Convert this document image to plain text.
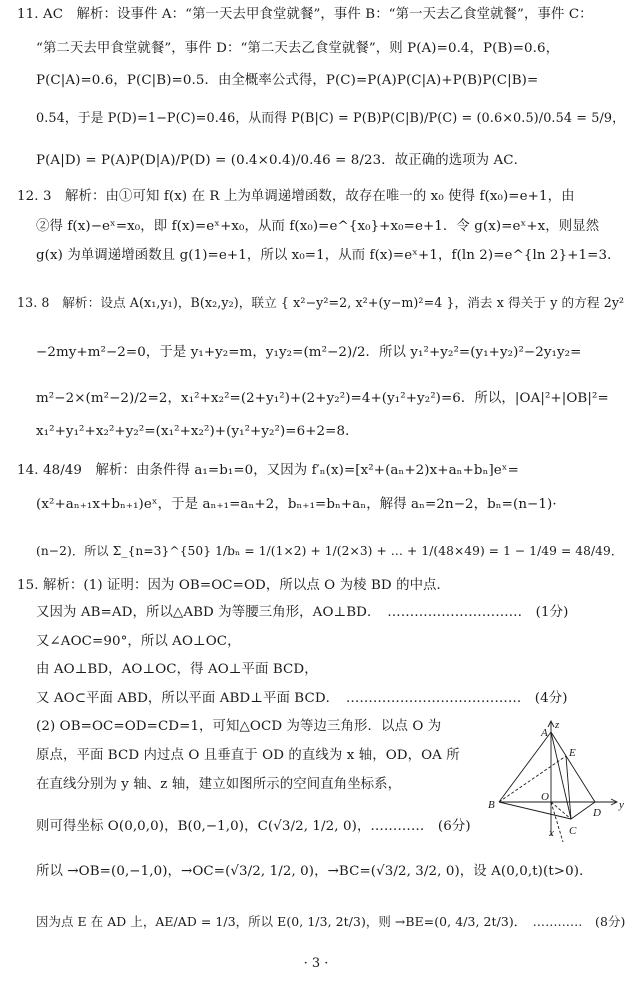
11. AC　解析：设事件 A：“第一天去甲食堂就餐”，事件 B：“第一天去乙食堂就餐”，事件 C：
“第二天去甲食堂就餐”，事件 D：“第二天去乙食堂就餐”，则 P(A)=0.4，P(B)=0.6，
P(C|A)=0.6，P(C|B)=0.5．由全概率公式得，P(C)=P(A)P(C|A)+P(B)P(C|B)=
0.54，于是 P(D)=1−P(C)=0.46，从而得 P(B|C) = P(B)P(C|B)/P(C) = (0.6×0.5)/0.54 = 5/9，
P(A|D) = P(A)P(D|A)/P(D) = (0.4×0.4)/0.46 = 8/23．故正确的选项为 AC．
12. 3　解析：由①可知 f(x) 在 R 上为单调递增函数，故存在唯一的 x₀ 使得 f(x₀)=e+1，由
②得 f(x)−eˣ=x₀，即 f(x)=eˣ+x₀，从而 f(x₀)=e^{x₀}+x₀=e+1．令 g(x)=eˣ+x，则显然
g(x) 为单调递增函数且 g(1)=e+1，所以 x₀=1，从而 f(x)=eˣ+1，f(ln 2)=e^{ln 2}+1=3．
13. 8　解析：设点 A(x₁,y₁)，B(x₂,y₂)，联立 { x²−y²=2, x²+(y−m)²=4 }，消去 x 得关于 y 的方程 2y²
−2my+m²−2=0，于是 y₁+y₂=m，y₁y₂=(m²−2)/2．所以 y₁²+y₂²=(y₁+y₂)²−2y₁y₂=
m²−2×(m²−2)/2=2，x₁²+x₂²=(2+y₁²)+(2+y₂²)=4+(y₁²+y₂²)=6．所以，|OA|²+|OB|²=
x₁²+y₁²+x₂²+y₂²=(x₁²+x₂²)+(y₁²+y₂²)=6+2=8．
14. 48/49　解析：由条件得 a₁=b₁=0，又因为 f′ₙ(x)=[x²+(aₙ+2)x+aₙ+bₙ]eˣ=
(x²+aₙ₊₁x+bₙ₊₁)eˣ，于是 aₙ₊₁=aₙ+2，bₙ₊₁=bₙ+aₙ，解得 aₙ=2n−2，bₙ=(n−1)·
(n−2)．所以 Σ_{n=3}^{50} 1/bₙ = 1/(1×2) + 1/(2×3) + … + 1/(48×49) = 1 − 1/49 = 48/49．
15. 解析：(1) 证明：因为 OB=OC=OD，所以点 O 为棱 BD 的中点．
又因为 AB=AD，所以△ABD 为等腰三角形，AO⊥BD．　…………………………　(1分)
又∠AOC=90°，所以 AO⊥OC，
由 AO⊥BD，AO⊥OC，得 AO⊥平面 BCD，
又 AO⊂平面 ABD，所以平面 ABD⊥平面 BCD．　…………………………………　(4分)
(2) OB=OC=OD=CD=1，可知△OCD 为等边三角形．以点 O 为
原点，平面 BCD 内过点 O 且垂直于 OD 的直线为 x 轴，OD，OA 所
在直线分别为 y 轴、z 轴，建立如图所示的空间直角坐标系，
则可得坐标 O(0,0,0)，B(0,−1,0)，C(√3/2, 1/2, 0)，…………　(6分)
所以 →OB=(0,−1,0)，→OC=(√3/2, 1/2, 0)，→BC=(√3/2, 3/2, 0)，设 A(0,0,t)(t>0)．
因为点 E 在 AD 上，AE/AD = 1/3，所以 E(0, 1/3, 2t/3)，则 →BE=(0, 4/3, 2t/3)．　…………　(8分)
z
A
E
B
O
D
y
x C
· 3 ·
